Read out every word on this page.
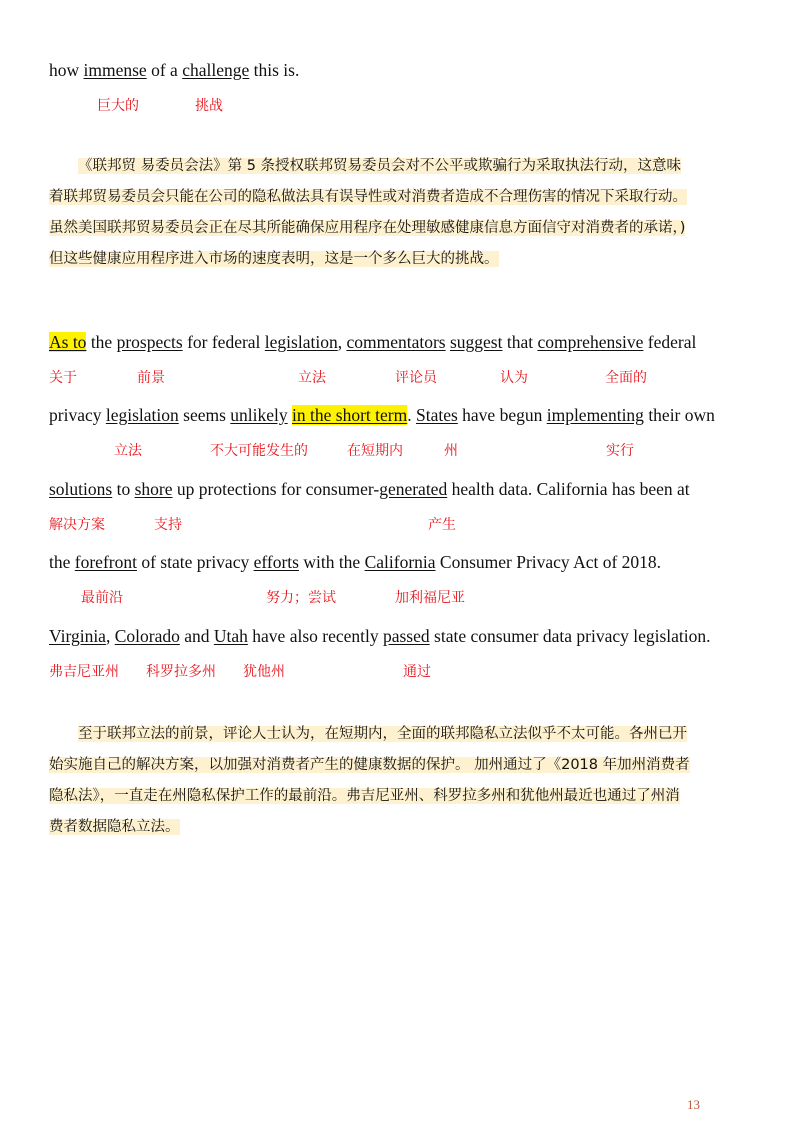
how immense of a challenge this is.

巨大的	挑战
《联邦贸 易委员会法》第 5 条授权联邦贸易委员会对不公平或欺骗行为采取执法行动，这意味
着联邦贸易委员会只能在公司的隐私做法具有误导性或对消费者造成不合理伤害的情况下采取行动。
虽然美国联邦贸易委员会正在尽其所能确保应用程序在处理敏感健康信息方面信守对消费者的承诺，)
但这些健康应用程序进入市场的速度表明，这是一个多么巨大的挑战。

As to the prospects for federal legislation, commentators suggest that comprehensive federal

关于	前景	立法	评论员	认为	全面的

privacy legislation seems unlikely in the short term. States have begun implementing their own

立法	不大可能发生的	在短期内	州	实行

solutions to shore up protections for consumer-generated health data. California has been at

解决方案	支持	产生

the forefront of state privacy efforts with the California Consumer Privacy Act of 2018.

最前沿	努力；尝试	加利福尼亚

Virginia, Colorado and Utah have also recently passed state consumer data privacy legislation.

弗吉尼亚州 科罗拉多州 犹他州	通过
至于联邦立法的前景，评论人士认为，在短期内，全面的联邦隐私立法似乎不太可能。各州已开
始实施自己的解决方案，以加强对消费者产生的健康数据的保护。 加州通过了《2018 年加州消费者
隐私法》，一直走在州隐私保护工作的最前沿。弗吉尼亚州、科罗拉多州和犹他州最近也通过了州消
费者数据隐私立法。

13
